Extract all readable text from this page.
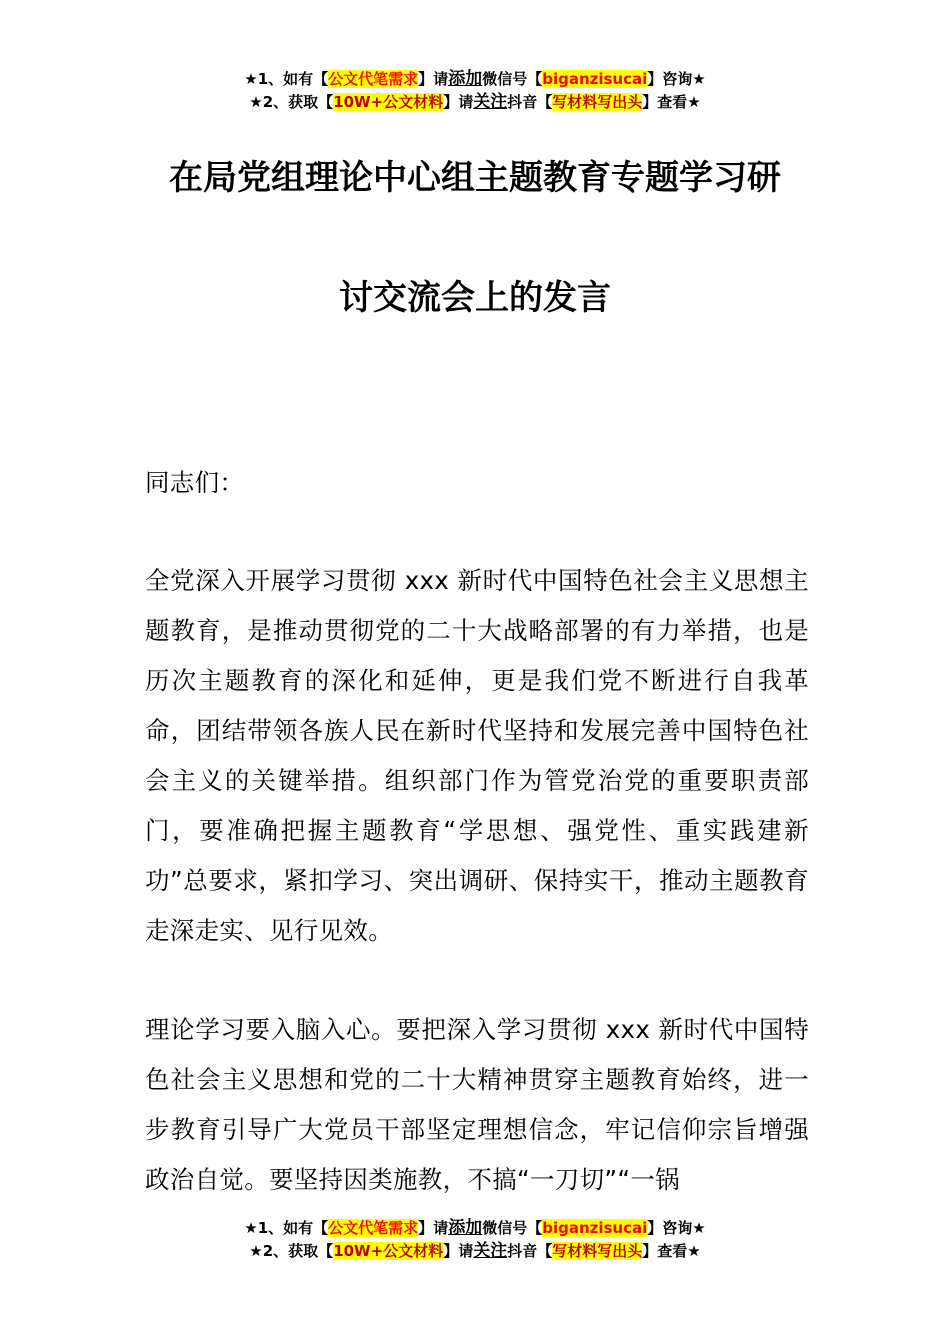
★1、如有【公文代笔需求】请添加微信号【biganzisucai】咨询★
★2、获取【10W+公文材料】请关注抖音【写材料写出头】查看★
在局党组理论中心组主题教育专题学习研
讨交流会上的发言

同志们：

全党深入开展学习贯彻 xxx 新时代中国特色社会主义思想主题教育，是推动贯彻党的二十大战略部署的有力举措，也是历次主题教育的深化和延伸，更是我们党不断进行自我革命，团结带领各族人民在新时代坚持和发展完善中国特色社会主义的关键举措。组织部门作为管党治党的重要职责部门，要准确把握主题教育“学思想、强党性、重实践建新功”总要求，紧扣学习、突出调研、保持实干，推动主题教育走深走实、见行见效。

理论学习要入脑入心。要把深入学习贯彻 xxx 新时代中国特色社会主义思想和党的二十大精神贯穿主题教育始终，进一步教育引导广大党员干部坚定理想信念，牢记信仰宗旨增强政治自觉。要坚持因类施教，不搞“一刀切”“一锅

★1、如有【公文代笔需求】请添加微信号【biganzisucai】咨询★
★2、获取【10W+公文材料】请关注抖音【写材料写出头】查看★
